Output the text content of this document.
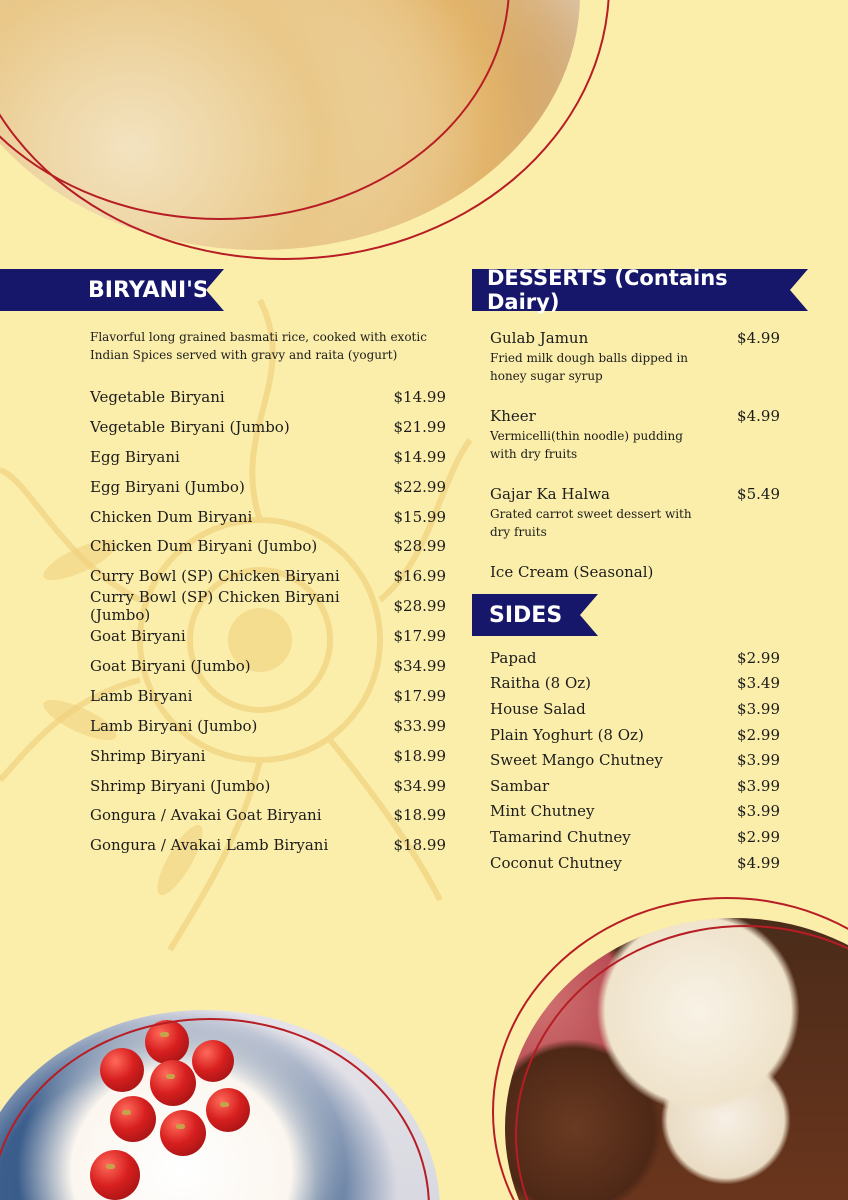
BIRYANI'S

Flavorful long grained basmati rice, cooked with exotic Indian Spices served with gravy and raita (yogurt)

Vegetable Biryani	$14.99
Vegetable Biryani (Jumbo)	$21.99
Egg Biryani	$14.99
Egg Biryani (Jumbo)	$22.99
Chicken Dum Biryani	$15.99
Chicken Dum Biryani (Jumbo)	$28.99
Curry Bowl (SP) Chicken Biryani	$16.99
Curry Bowl (SP) Chicken Biryani (Jumbo)
$28.99
Goat Biryani	$17.99
Goat Biryani (Jumbo)	$34.99
Lamb Biryani	$17.99
Lamb Biryani (Jumbo)	$33.99
Shrimp Biryani	$18.99
Shrimp Biryani (Jumbo)	$34.99
Gongura / Avakai Goat Biryani	$18.99
Gongura / Avakai Lamb Biryani	$18.99
DESSERTS (Contains Dairy)
Gulab Jamun	$4.99
Fried milk dough balls dipped in honey sugar syrup
Kheer	$4.99
Vermicelli(thin noodle) pudding with dry fruits
Gajar Ka Halwa	$5.49
Grated carrot sweet dessert with dry fruits
Ice Cream (Seasonal)
SIDES
Papad	$2.99
Raitha (8 Oz)	$3.49
House Salad	$3.99
Plain Yoghurt (8 Oz)	$2.99
Sweet Mango Chutney	$3.99
Sambar	$3.99
Mint Chutney	$3.99
Tamarind Chutney	$2.99
Coconut Chutney	$4.99
